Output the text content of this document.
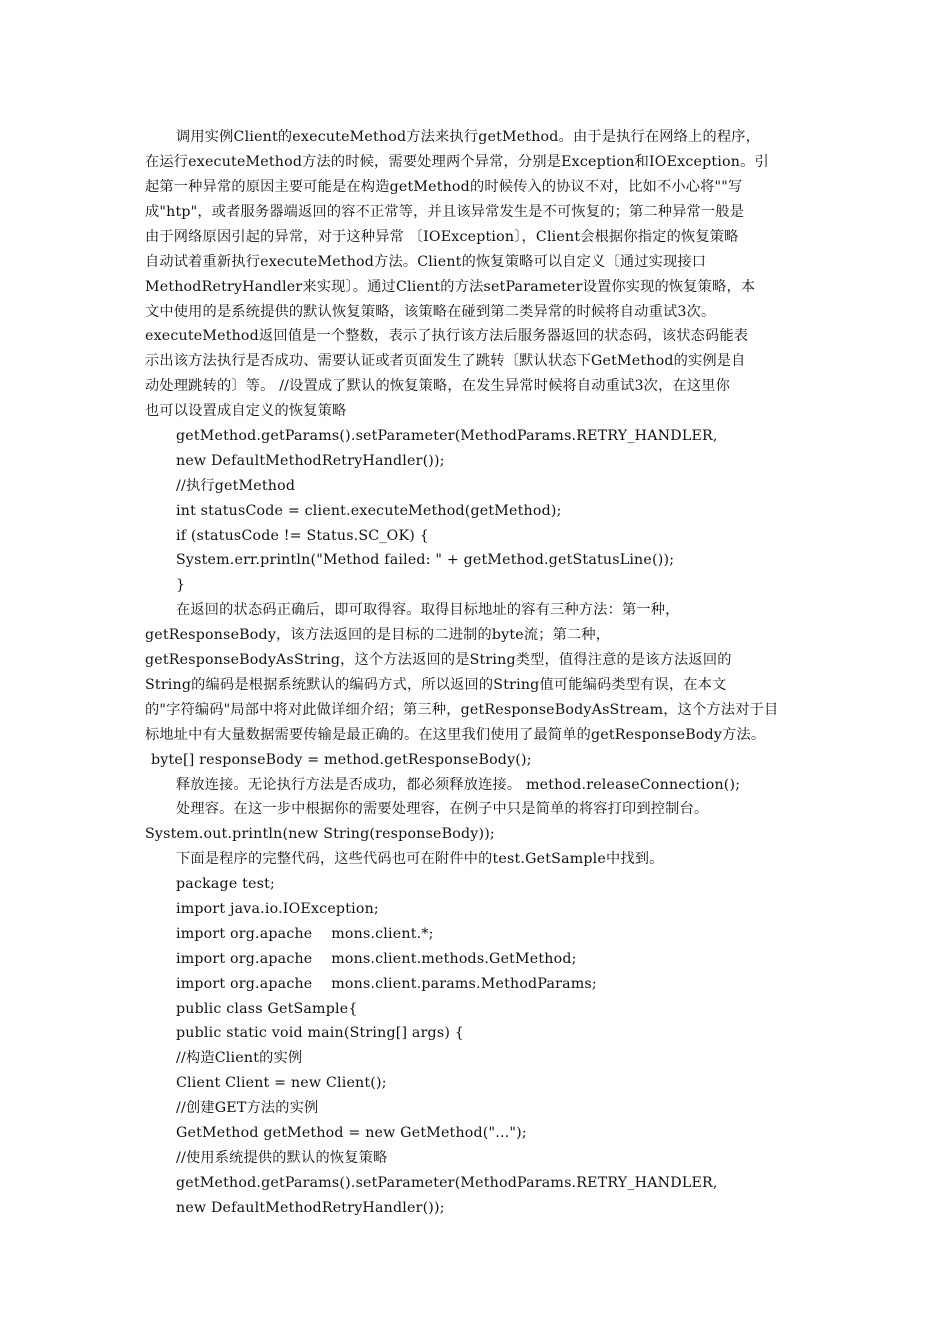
调用实例Client的executeMethod方法来执行getMethod。由于是执行在网络上的程序，
在运行executeMethod方法的时候，需要处理两个异常，分别是Exception和IOException。引
起第一种异常的原因主要可能是在构造getMethod的时候传入的协议不对，比如不小心将""写
成"htp"，或者服务器端返回的容不正常等，并且该异常发生是不可恢复的；第二种异常一般是
由于网络原因引起的异常，对于这种异常 〔IOException〕，Client会根据你指定的恢复策略
自动试着重新执行executeMethod方法。Client的恢复策略可以自定义〔通过实现接口
MethodRetryHandler来实现〕。通过Client的方法setParameter设置你实现的恢复策略，本
文中使用的是系统提供的默认恢复策略，该策略在碰到第二类异常的时候将自动重试3次。
executeMethod返回值是一个整数，表示了执行该方法后服务器返回的状态码，该状态码能表
示出该方法执行是否成功、需要认证或者页面发生了跳转〔默认状态下GetMethod的实例是自
动处理跳转的〕等。 //设置成了默认的恢复策略，在发生异常时候将自动重试3次，在这里你
也可以设置成自定义的恢复策略
getMethod.getParams().setParameter(MethodParams.RETRY_HANDLER,
new DefaultMethodRetryHandler());
//执行getMethod
int statusCode = client.executeMethod(getMethod);
if (statusCode != Status.SC_OK) {
System.err.println("Method failed: " + getMethod.getStatusLine());
}
在返回的状态码正确后，即可取得容。取得目标地址的容有三种方法：第一种，
getResponseBody，该方法返回的是目标的二进制的byte流；第二种，
getResponseBodyAsString，这个方法返回的是String类型，值得注意的是该方法返回的
String的编码是根据系统默认的编码方式，所以返回的String值可能编码类型有误，在本文
的"字符编码"局部中将对此做详细介绍；第三种，getResponseBodyAsStream，这个方法对于目
标地址中有大量数据需要传输是最正确的。在这里我们使用了最简单的getResponseBody方法。
byte[] responseBody = method.getResponseBody();
释放连接。无论执行方法是否成功，都必须释放连接。 method.releaseConnection();
处理容。在这一步中根据你的需要处理容，在例子中只是简单的将容打印到控制台。
System.out.println(new String(responseBody));
下面是程序的完整代码，这些代码也可在附件中的test.GetSample中找到。
package test;
import java.io.IOException;
import org.apache    mons.client.*;
import org.apache    mons.client.methods.GetMethod;
import org.apache    mons.client.params.MethodParams;
public class GetSample{
public static void main(String[] args) {
//构造Client的实例
Client Client = new Client();
//创建GET方法的实例
GetMethod getMethod = new GetMethod("...");
//使用系统提供的默认的恢复策略
getMethod.getParams().setParameter(MethodParams.RETRY_HANDLER,
new DefaultMethodRetryHandler());
